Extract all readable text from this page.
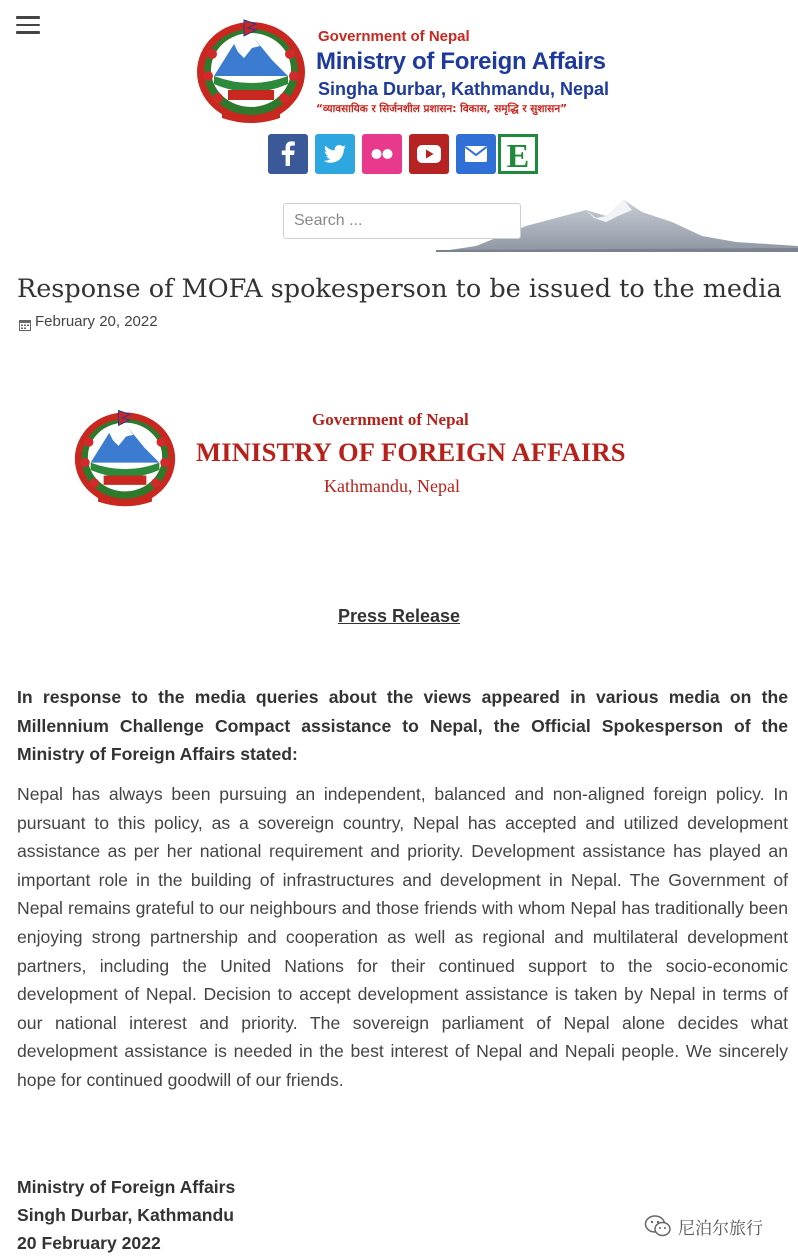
Government of Nepal
Ministry of Foreign Affairs
Singha Durbar, Kathmandu, Nepal
“व्यावसायिक र सिर्जनशील प्रशासन: विकास, समृद्धि र सुशासन”
E
Search ...
Response of MOFA spokesperson to be issued to the media
February 20, 2022
Government of Nepal
MINISTRY OF FOREIGN AFFAIRS
Kathmandu, Nepal
Press Release

In response to the media queries about the views appeared in various media on the Millennium Challenge Compact assistance to Nepal, the Official Spokesperson of the Ministry of Foreign Affairs stated:

Nepal has always been pursuing an independent, balanced and non-aligned foreign policy. In pursuant to this policy, as a sovereign country, Nepal has accepted and utilized development assistance as per her national requirement and priority. Development assistance has played an important role in the building of infrastructures and development in Nepal. The Government of Nepal remains grateful to our neighbours and those friends with whom Nepal has traditionally been enjoying strong partnership and cooperation as well as regional and multilateral development partners, including the United Nations for their continued support to the socio-economic development of Nepal. Decision to accept development assistance is taken by Nepal in terms of our national interest and priority. The sovereign parliament of Nepal alone decides what development assistance is needed in the best interest of Nepal and Nepali people. We sincerely hope for continued goodwill of our friends.

Ministry of Foreign Affairs
Singh Durbar, Kathmandu
20 February 2022
尼泊尔旅行
